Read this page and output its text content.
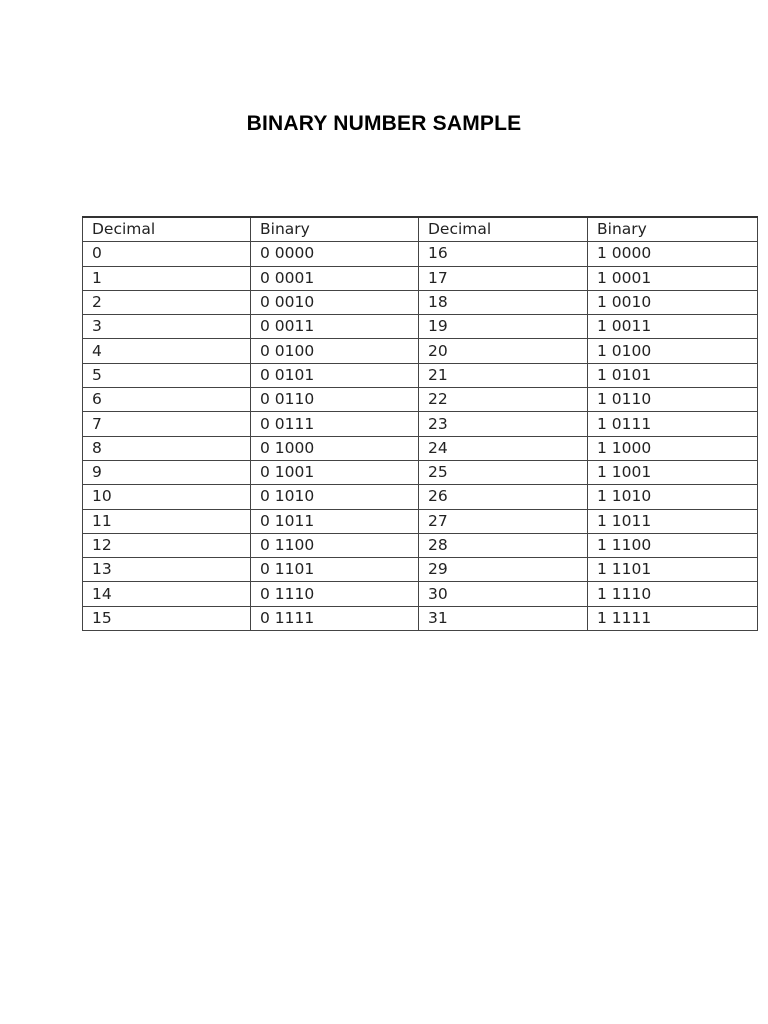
BINARY NUMBER SAMPLE
Decimal	Binary	Decimal	Binary
0	0 0000	16	1 0000
1	0 0001	17	1 0001
2	0 0010	18	1 0010
3	0 0011	19	1 0011
4	0 0100	20	1 0100
5	0 0101	21	1 0101
6	0 0110	22	1 0110
7	0 0111	23	1 0111
8	0 1000	24	1 1000
9	0 1001	25	1 1001
10	0 1010	26	1 1010
11	0 1011	27	1 1011
12	0 1100	28	1 1100
13	0 1101	29	1 1101
14	0 1110	30	1 1110
15	0 1111	31	1 1111
